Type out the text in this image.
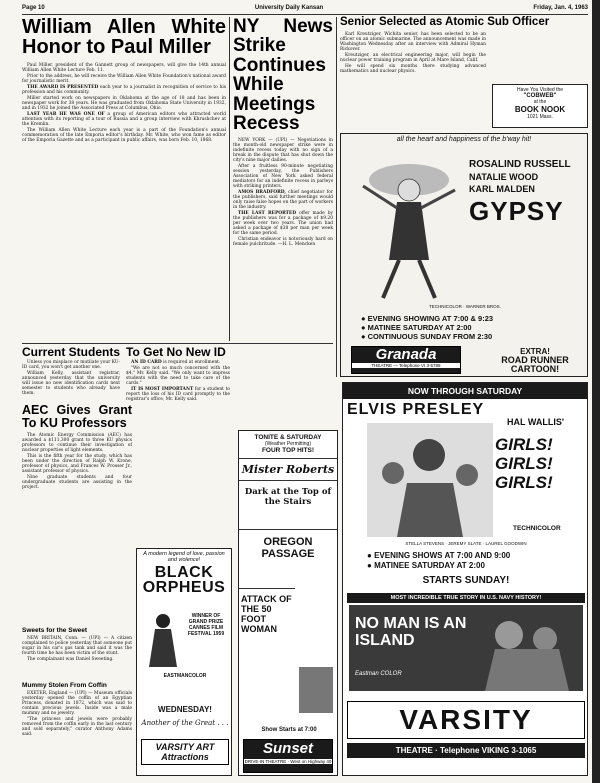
Page 10	University Daily Kansan	Friday, Jan. 4, 1963
William Allen White Honor to Paul Miller

Paul Miller, president of the Gannett group of newspapers, will give the 14th annual William Allen White Lecture Feb. 11.

Prior to the address, he will receive the William Allen White Foundation's national award for journalistic merit.

THE AWARD IS PRESENTED each year to a journalist in recognition of service to his profession and his community.

Miller started work on newspapers in Oklahoma at the age of 18 and has been in newspaper work for 38 years. He was graduated from Oklahoma State University in 1932, and in 1932 he joined the Associated Press at Columbus, Ohio.

LAST YEAR HE WAS ONE OF a group of American editors who attracted world attention with its reporting of a tour of Russia and a group interview with Khrushchev at the Kremlin.

The William Allen White Lecture each year is a part of the Foundation's annual commemoration of the late Emporia editor's birthday. Mr. White, who won fame as editor of the Emporia Gazette and as a participant in public affairs, was born Feb. 10, 1868.

NY News Strike Continues While Meetings Recess

NEW YORK — (UPI) — Negotiations in the month-old newspaper strike were in indefinite recess today with no sign of a break in the dispute that has shut down the city's nine major dailies.

After a fruitless 90-minute negotiating session yesterday, the Publishers Association of New York asked federal mediators for an indefinite recess in parleys with striking printers.

AMOS BRADFORD, chief negotiator for the publishers, said further meetings would only raise false hopes on the part of workers in the industry.

THE LAST REPORTED offer made by the publishers was for a package of $9.20 per week over two years. The union had asked a package of $38 per man per week for the same period.

Christian endeavor is notoriously hard on female pulchritude. —H. L. Mencken

Senior Selected as Atomic Sub Officer

Karl Kreutziger, Wichita senior, has been selected to be an officer on an atomic submarine. The announcement was made in Washington Wednesday after an interview with Admiral Hyman Rickover.

Kreutziger, an electrical engineering major, will begin the nuclear power training program in April at Mare Island, Calif.

He will spend six months there studying advanced mathematics and nuclear physics.

Have You Visited the
"COBWEB"
at the
BOOK NOOK
1021 Mass.
all the heart and happiness of the b'way hit!
ROSALIND RUSSELL
NATALIE WOOD
KARL MALDEN
GYPSY
TECHNICOLOR · WARNER BROS.
● EVENING SHOWING AT 7:00 & 9:23
● MATINEE SATURDAY AT 2:00
● CONTINUOUS SUNDAY FROM 2:30
Granada
THEATRE — Telephone VI 3-5788
EXTRA!
ROAD RUNNER
CARTOON!
Current Students

Unless you misplace or mutilate your KU-ID card, you won't get another one.

William Kelly, assistant registrar, announced yesterday that the university will issue no new identification cards next semester to students who already have them.

To Get No New ID

AN ID CARD is required at enrollment.

"We are not so much concerned with the $4," Mr. Kelly said. "We only want to impress students with the need to take care of the cards."

IT IS MOST IMPORTANT for a student to report the loss of his ID card promptly to the registrar's office, Mr. Kelly said.

AEC Gives Grant To KU Professors

The Atomic Energy Commission (AEC) has awarded a $111,300 grant to three KU physics professors to continue their investigation of nuclear properties of light elements.

This is the fifth year for the study, which has been under the direction of Ralph W. Krone, professor of physics, and Frances W. Prosser Jr., assistant professor of physics.

Nine graduate students and four undergraduate students are assisting in the project.

Sweets for the Sweet

NEW BRITAIN, Conn. — (UPI) — A citizen complained to police yesterday that someone put sugar in his car's gas tank and said it was the fourth time he has been victim of the stunt.

The complainant was Daniel Sweeting.

Mummy Stolen From Coffin

EXETER, England — (UPI) — Museum officials yesterday opened the coffin of an Egyptian Princess, donated in 1872, which was said to contain precious jewels. Inside was a male mummy and no jewelry.

"The princess and jewels were probably removed from the coffin early in the last century and sold separately," curator Anthony Adams said.

A modern legend of love, passion and violence!
BLACK ORPHEUS
WINNER OF GRAND PRIZE
CANNES FILM FESTIVAL 1959
EASTMANCOLOR
WEDNESDAY!
Another of the Great . . .
VARSITY ART Attractions
TONITE & SATURDAY
(Weather Permitting)
FOUR TOP HITS!
Mister Roberts
Dark at the Top of the Stairs
OREGON PASSAGE
ATTACK OF THE 50 FOOT WOMAN
Show Starts at 7:00
Sunset
DRIVE-IN THEATRE · West on Highway 40
NOW THROUGH SATURDAY
ELVIS PRESLEY
HAL WALLIS'
GIRLS! GIRLS! GIRLS!
TECHNICOLOR
STELLA STEVENS · JEREMY SLATE · LAUREL GOODWIN
● EVENING SHOWS AT 7:00 AND 9:00
● MATINEE SATURDAY AT 2:00
STARTS SUNDAY!
MOST INCREDIBLE TRUE STORY IN U.S. NAVY HISTORY!
NO MAN IS AN ISLAND
Eastman COLOR
VARSITY
THEATRE · Telephone VIKING 3-1065
